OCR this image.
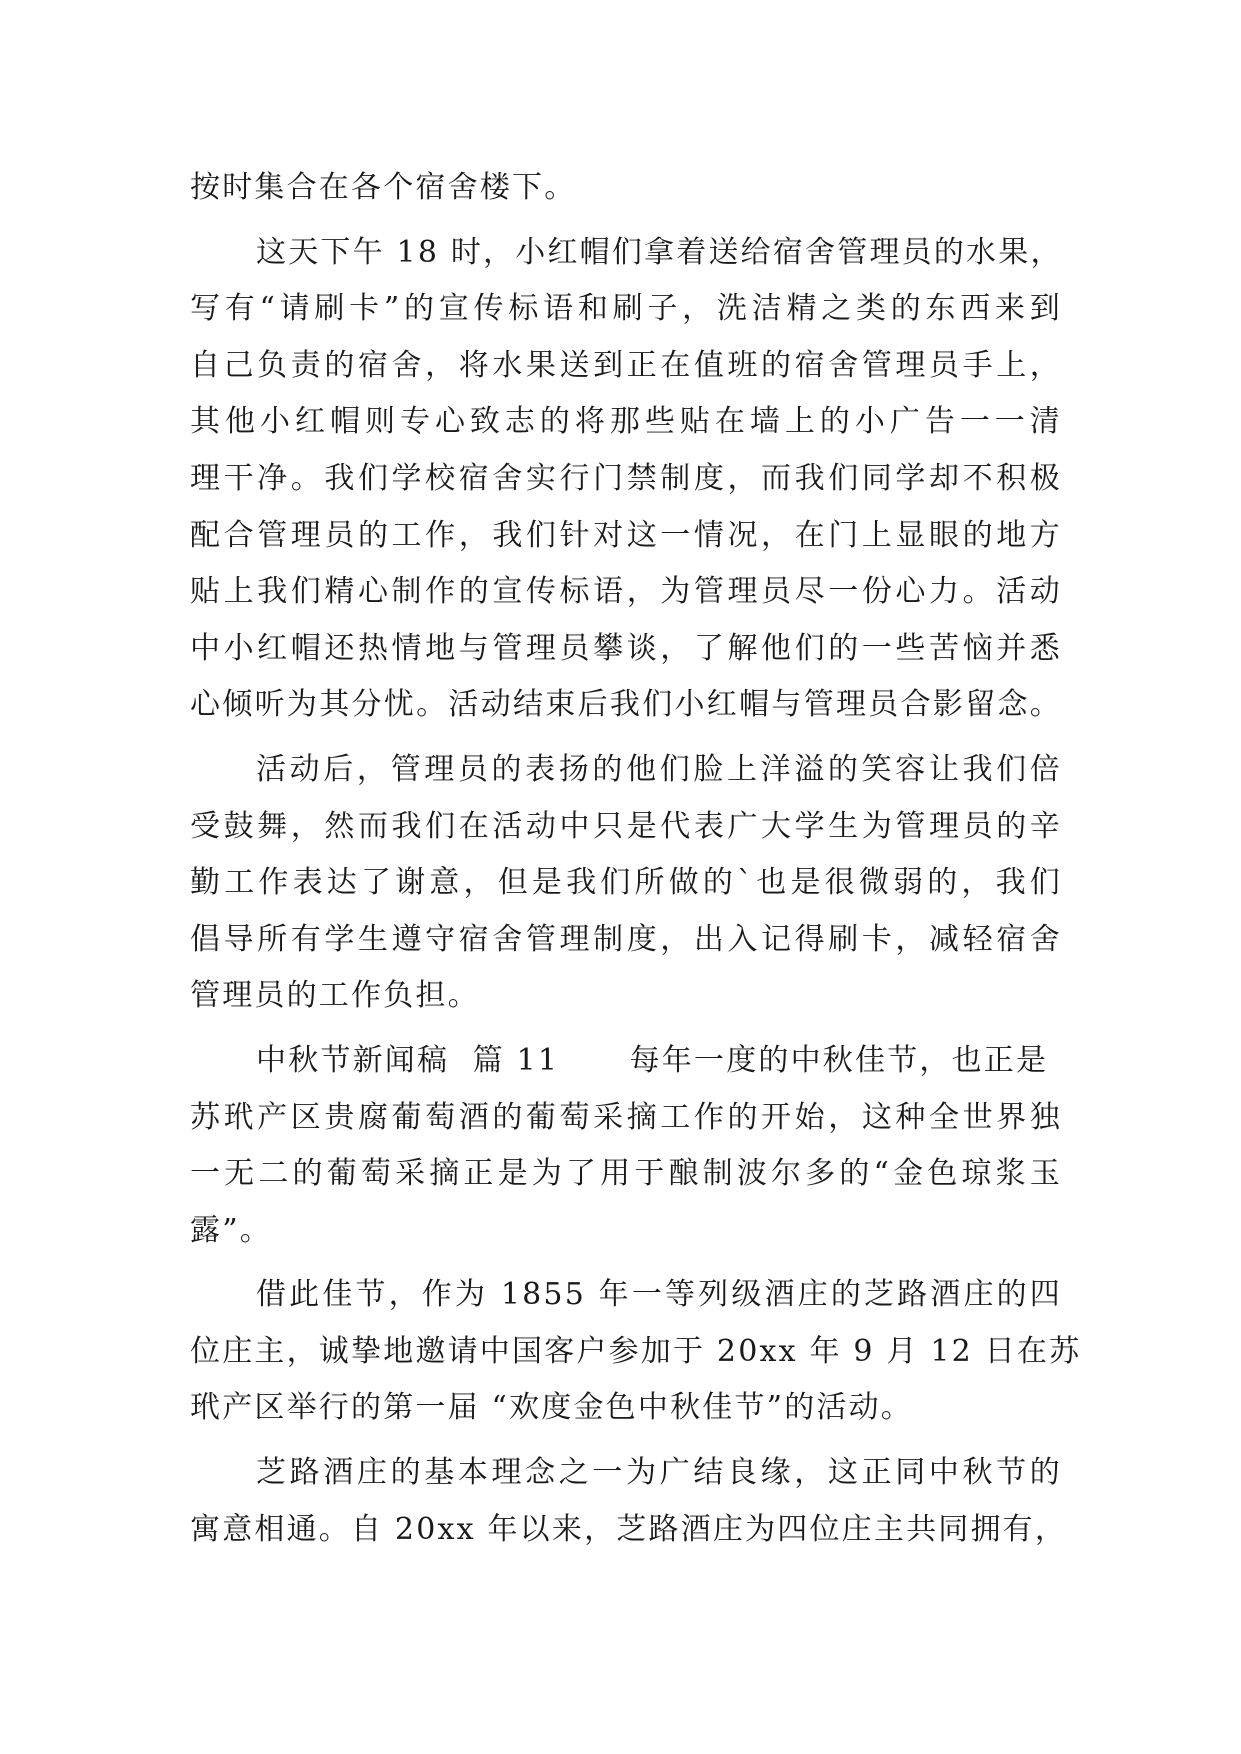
按时集合在各个宿舍楼下。
这天下午 18 时，小红帽们拿着送给宿舍管理员的水果，
写有“请刷卡”的宣传标语和刷子，洗洁精之类的东西来到
自己负责的宿舍，将水果送到正在值班的宿舍管理员手上，
其他小红帽则专心致志的将那些贴在墙上的小广告一一清
理干净。我们学校宿舍实行门禁制度，而我们同学却不积极
配合管理员的工作，我们针对这一情况，在门上显眼的地方
贴上我们精心制作的宣传标语，为管理员尽一份心力。活动
中小红帽还热情地与管理员攀谈，了解他们的一些苦恼并悉
心倾听为其分忧。活动结束后我们小红帽与管理员合影留念。
活动后，管理员的表扬的他们脸上洋溢的笑容让我们倍
受鼓舞，然而我们在活动中只是代表广大学生为管理员的辛
勤工作表达了谢意，但是我们所做的`也是很微弱的，我们
倡导所有学生遵守宿舍管理制度，出入记得刷卡，减轻宿舍
管理员的工作负担。
中秋节新闻稿  篇 11      每年一度的中秋佳节，也正是
苏玳产区贵腐葡萄酒的葡萄采摘工作的开始，这种全世界独
一无二的葡萄采摘正是为了用于酿制波尔多的“金色琼浆玉
露”。
借此佳节，作为 1855 年一等列级酒庄的芝路酒庄的四
位庄主，诚挚地邀请中国客户参加于 20xx 年 9 月 12 日在苏
玳产区举行的第一届 “欢度金色中秋佳节”的活动。
芝路酒庄的基本理念之一为广结良缘，这正同中秋节的
寓意相通。自 20xx 年以来，芝路酒庄为四位庄主共同拥有，
